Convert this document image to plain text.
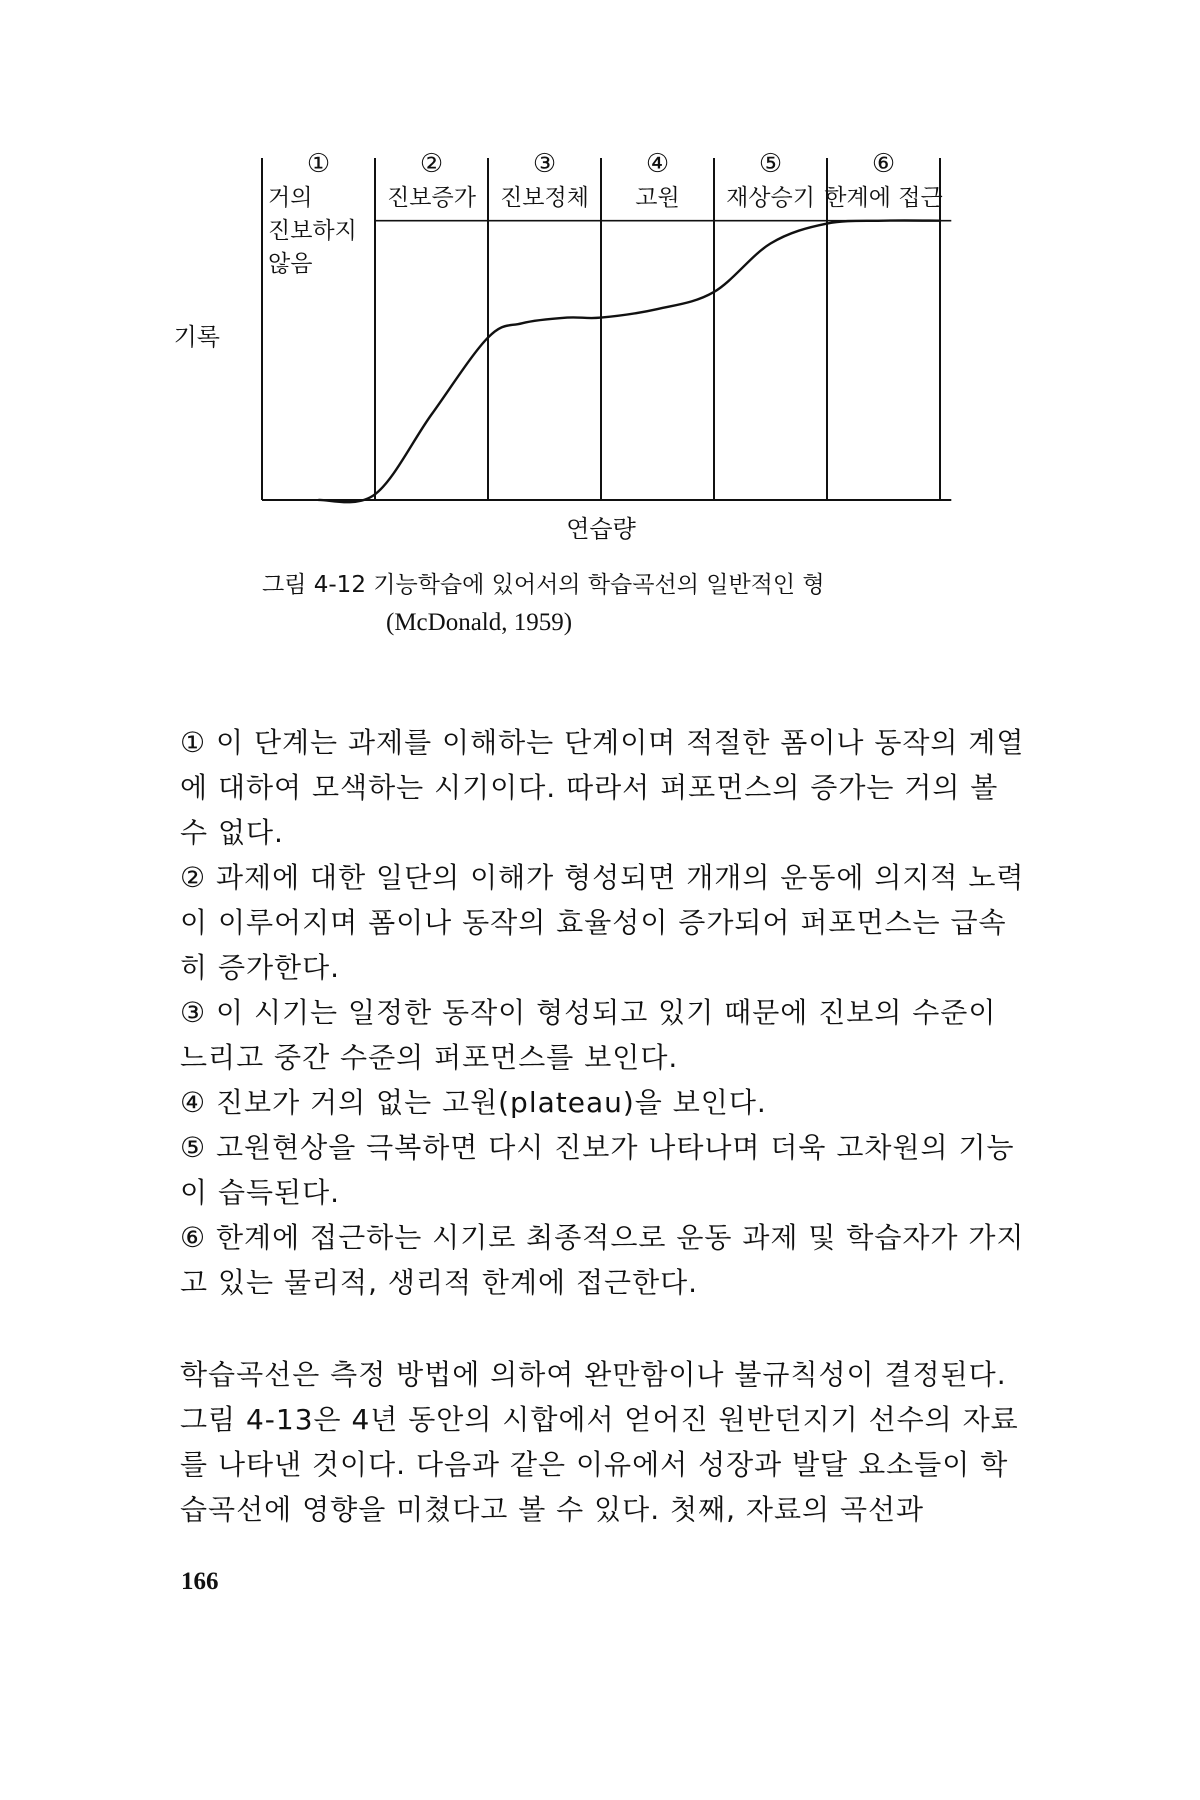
①
거의
진보하지
않음
②
진보증가
③
진보정체
④
고원
⑤
재상승기
⑥
한계에 접근
기록
연습량
그림 4-12 기능학습에 있어서의 학습곡선의 일반적인 형
(McDonald, 1959)

① 이 단계는 과제를 이해하는 단계이며 적절한 폼이나 동작의 계열에 대하여 모색하는 시기이다. 따라서 퍼포먼스의 증가는 거의 볼 수 없다.

② 과제에 대한 일단의 이해가 형성되면 개개의 운동에 의지적 노력이 이루어지며 폼이나 동작의 효율성이 증가되어 퍼포먼스는 급속히 증가한다.

③ 이 시기는 일정한 동작이 형성되고 있기 때문에 진보의 수준이 느리고 중간 수준의 퍼포먼스를 보인다.

④ 진보가 거의 없는 고원(plateau)을 보인다.

⑤ 고원현상을 극복하면 다시 진보가 나타나며 더욱 고차원의 기능이 습득된다.

⑥ 한계에 접근하는 시기로 최종적으로 운동 과제 및 학습자가 가지고 있는 물리적, 생리적 한계에 접근한다.

학습곡선은 측정 방법에 의하여 완만함이나 불규칙성이 결정된다. 그림 4-13은 4년 동안의 시합에서 얻어진 원반던지기 선수의 자료를 나타낸 것이다. 다음과 같은 이유에서 성장과 발달 요소들이 학습곡선에 영향을 미쳤다고 볼 수 있다. 첫째, 자료의 곡선과

166
